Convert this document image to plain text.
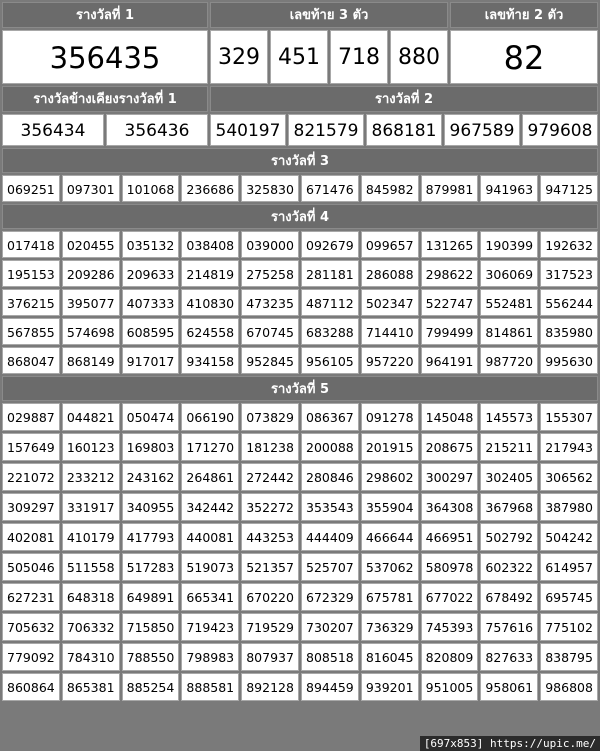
รางวัลที่ 1	เลขท้าย 3 ตัว	เลขท้าย 2 ตัว
356435	329 451 718 880	82
รางวัลข้างเคียงรางวัลที่ 1	รางวัลที่ 2
356434	356436	540197 821579 868181 967589 979608
รางวัลที่ 3
069251 097301 101068 236686 325830 671476 845982 879981 941963 947125
รางวัลที่ 4
017418 020455 035132 038408 039000 092679 099657 131265 190399 192632
195153 209286 209633 214819 275258 281181 286088 298622 306069 317523
376215 395077 407333 410830 473235 487112 502347 522747 552481 556244
567855 574698 608595 624558 670745 683288 714410 799499 814861 835980
868047 868149 917017 934158 952845 956105 957220 964191 987720 995630
รางวัลที่ 5
029887 044821 050474 066190 073829 086367 091278 145048 145573 155307
157649 160123 169803 171270 181238 200088 201915 208675 215211 217943
221072 233212 243162 264861 272442 280846 298602 300297 302405 306562
309297 331917 340955 342442 352272 353543 355904 364308 367968 387980
402081 410179 417793 440081 443253 444409 466644 466951 502792 504242
505046 511558 517283 519073 521357 525707 537062 580978 602322 614957
627231 648318 649891 665341 670220 672329 675781 677022 678492 695745
705632 706332 715850 719423 719529 730207 736329 745393 757616 775102
779092 784310 788550 798983 807937 808518 816045 820809 827633 838795
860864 865381 885254 888581 892128 894459 939201 951005 958061 986808
[697x853] https://upic.me/
